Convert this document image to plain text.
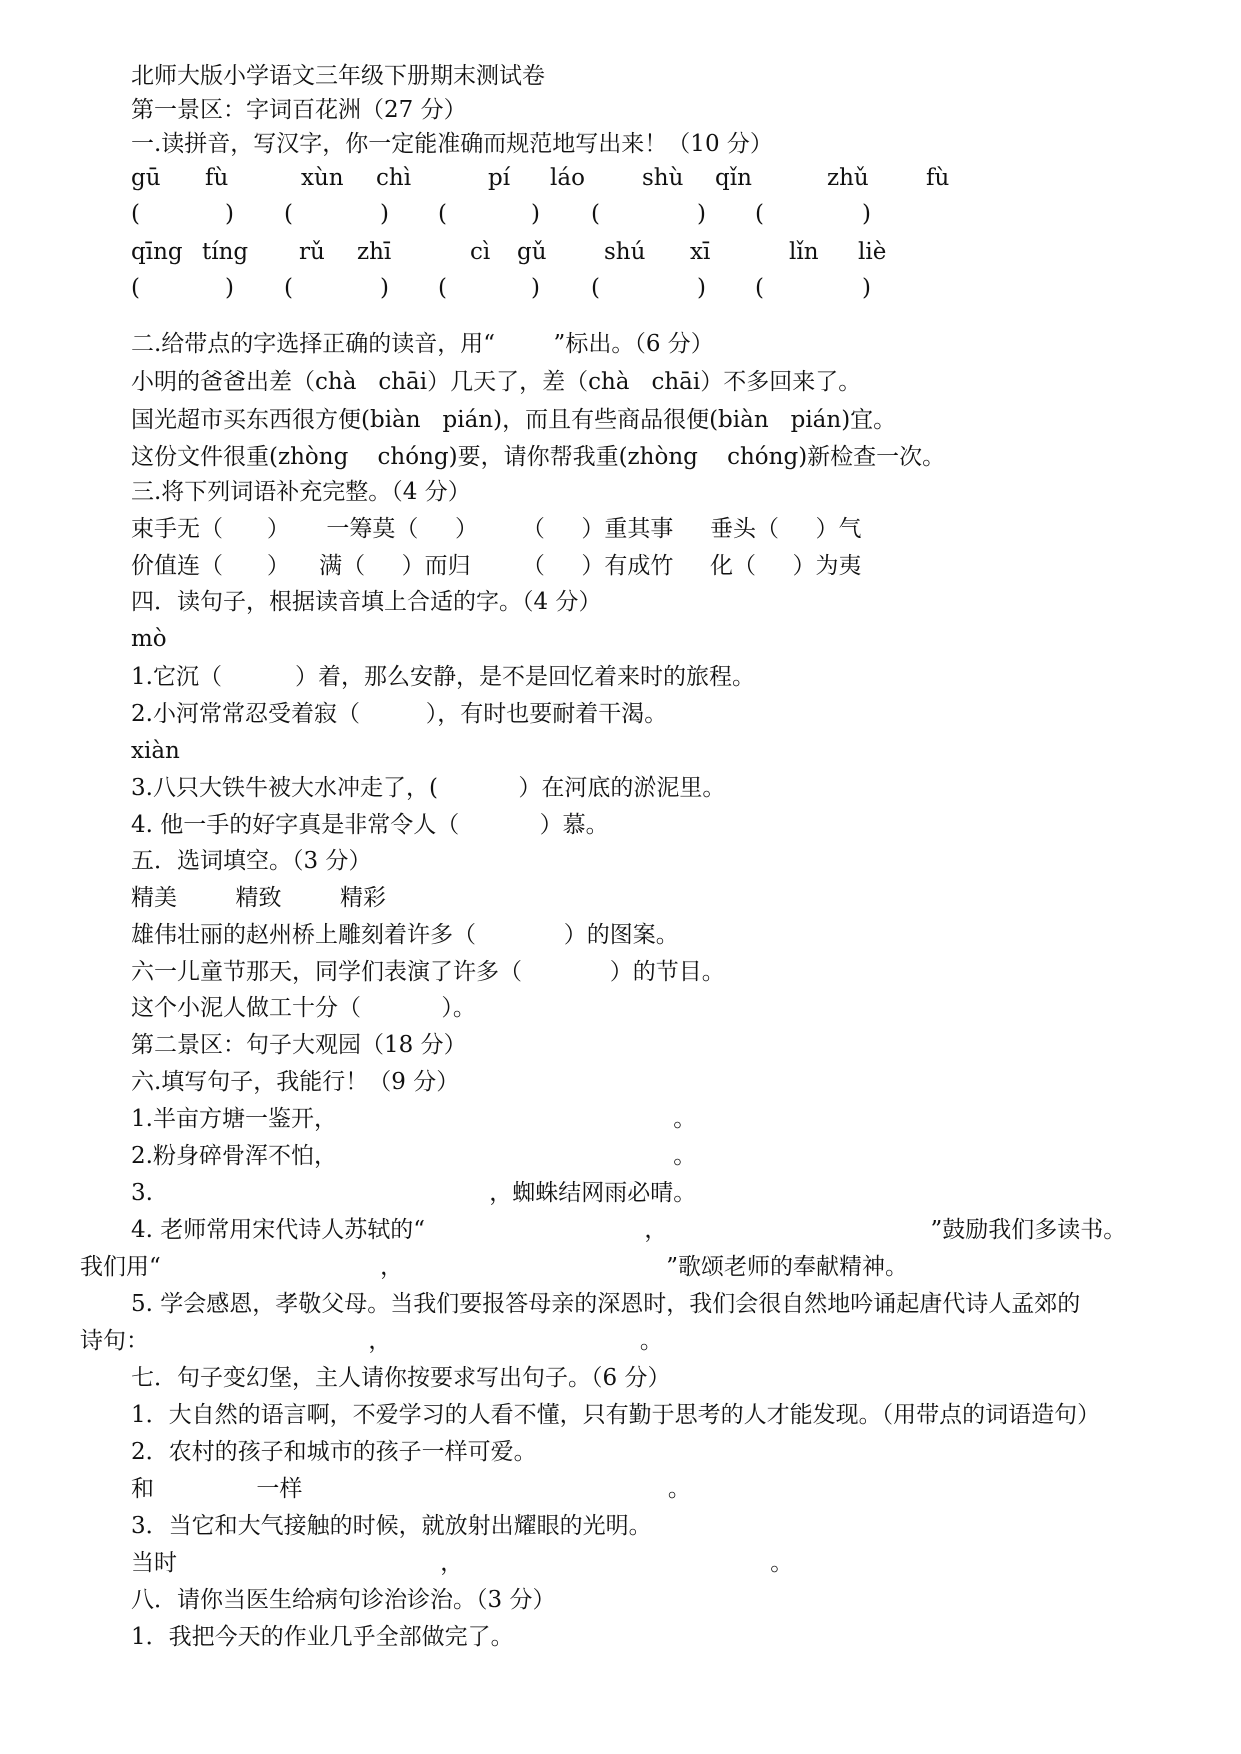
北师大版小学语文三年级下册期末测试卷

第一景区：字词百花洲（27 分）

一.读拼音，写汉字，你一定能准确而规范地写出来！（10 分）

gū fù	xùn chì	pí láo shù qǐn	zhǔ fù
(	) (	) (	) (	) (	)
qīng tíng rǔ zhī	cì gǔ shú xī	lǐn liè
(	) (	) (	) (	) (	)

二.给带点的字选择正确的读音，用“        ”标出。（6 分）

小明的爸爸出差（chà   chāi）几天了，差（chà   chāi）不多回来了。

国光超市买东西很方便(biàn   pián)，而且有些商品很便(biàn   pián)宜。

这份文件很重(zhòng    chóng)要，请你帮我重(zhòng    chóng)新检查一次。

三.将下列词语补充完整。（4 分）

束手无（      ）     一筹莫（     ）      （     ）重其事     垂头（     ）气

价值连（      ）    满（     ）而归       （     ）有成竹     化（     ）为夷

四．读句子，根据读音填上合适的字。（4 分）

mò

1.它沉（          ）着，那么安静，是不是回忆着来时的旅程。

2.小河常常忍受着寂（         ），有时也要耐着干渴。

xiàn

3.八只大铁牛被大水冲走了，(           ）在河底的淤泥里。

4. 他一手的好字真是非常令人（           ）慕。

五．选词填空。（3 分）

精美        精致        精彩

雄伟壮丽的赵州桥上雕刻着许多（            ）的图案。

六一儿童节那天，同学们表演了许多（            ）的节目。

这个小泥人做工十分（           ）。

第二景区：句子大观园（18 分）

六.填写句子，我能行！（9 分）

1.半亩方塘一鉴开，                                              。

2.粉身碎骨浑不怕，                                              。

3.                                              ，蜘蛛结网雨必晴。

4. 老师常用宋代诗人苏轼的“                              ，                                    ”鼓励我们多读书。

我们用“                              ，                                    ”歌颂老师的奉献精神。

5. 学会感恩，孝敬父母。当我们要报答母亲的深恩时，我们会很自然地吟诵起唐代诗人孟郊的

诗句：                              ，                                  。

七．句子变幻堡，主人请你按要求写出句子。（6 分）

1．大自然的语言啊，不爱学习的人看不懂，只有勤于思考的人才能发现。（用带点的词语造句）

2．农村的孩子和城市的孩子一样可爱。

和              一样                                                  。

3．当它和大气接触的时候，就放射出耀眼的光明。

当时                                    ，                                          。

八．请你当医生给病句诊治诊治。（3 分）

1．我把今天的作业几乎全部做完了。
